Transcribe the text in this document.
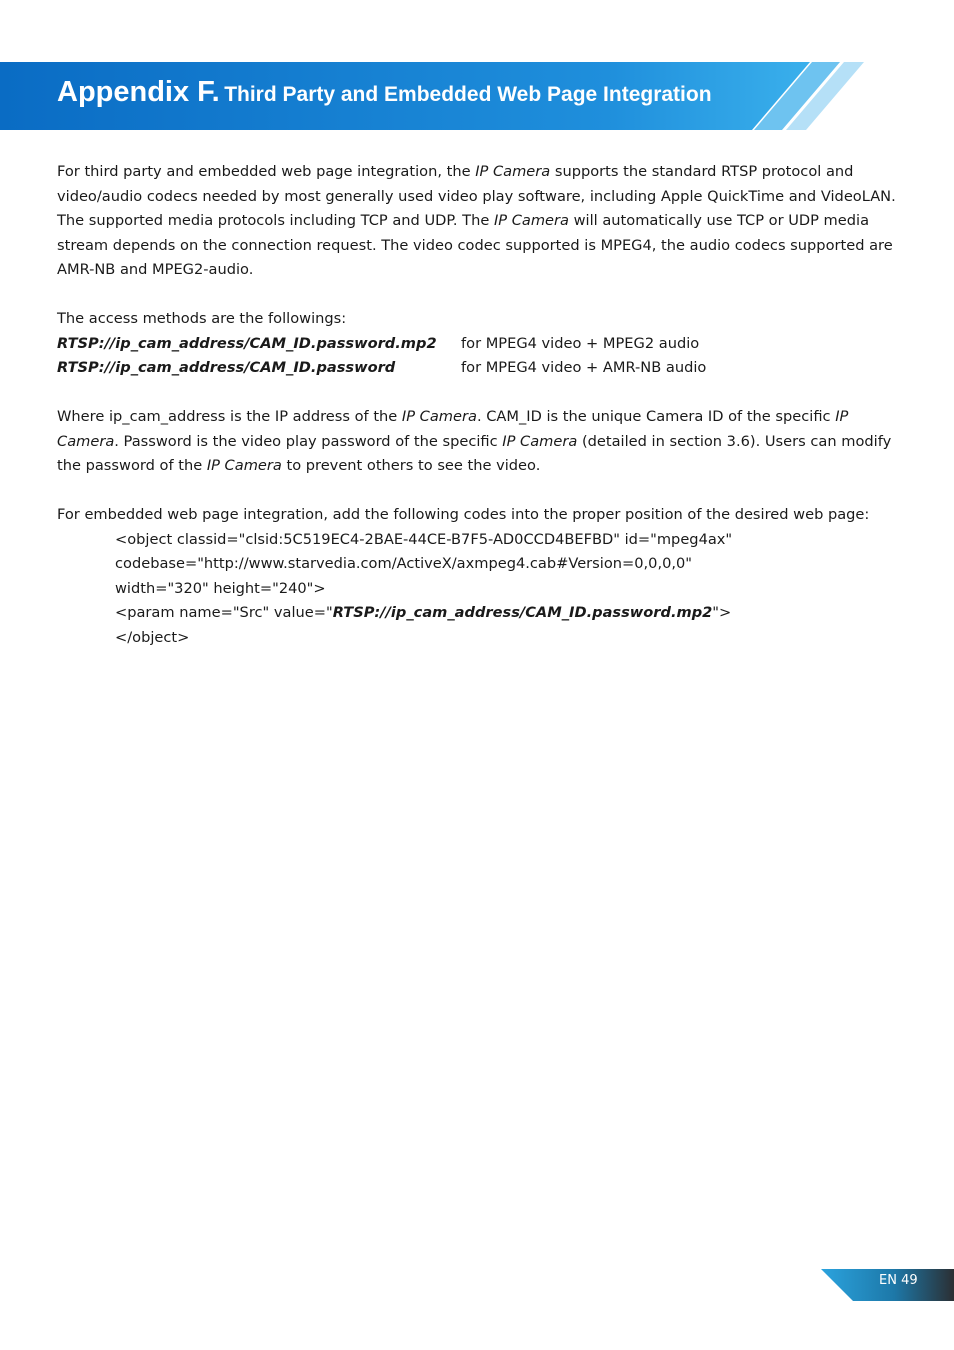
Appendix F. Third Party and Embedded Web Page Integration

For third party and embedded web page integration, the IP Camera supports the standard RTSP protocol and video/audio codecs needed by most generally used video play software, including Apple QuickTime and VideoLAN. The supported media protocols including TCP and UDP. The IP Camera will automatically use TCP or UDP media stream depends on the connection request. The video codec supported is MPEG4, the audio codecs supported are AMR-NB and MPEG2-audio.

The access methods are the followings:

RTSP://ip_cam_address/CAM_ID.password.mp2	for MPEG4 video + MPEG2 audio
RTSP://ip_cam_address/CAM_ID.password	for MPEG4 video + AMR-NB audio

Where ip_cam_address is the IP address of the IP Camera. CAM_ID is the unique Camera ID of the specific IP Camera. Password is the video play password of the specific IP Camera (detailed in section 3.6). Users can modify the password of the IP Camera to prevent others to see the video.

For embedded web page integration, add the following codes into the proper position of the desired web page:

<object classid="clsid:5C519EC4-2BAE-44CE-B7F5-AD0CCD4BEFBD" id="mpeg4ax"

codebase="http://www.starvedia.com/ActiveX/axmpeg4.cab#Version=0,0,0,0"

width="320" height="240">

<param name="Src" value="RTSP://ip_cam_address/CAM_ID.password.mp2">

</object>

EN 49
